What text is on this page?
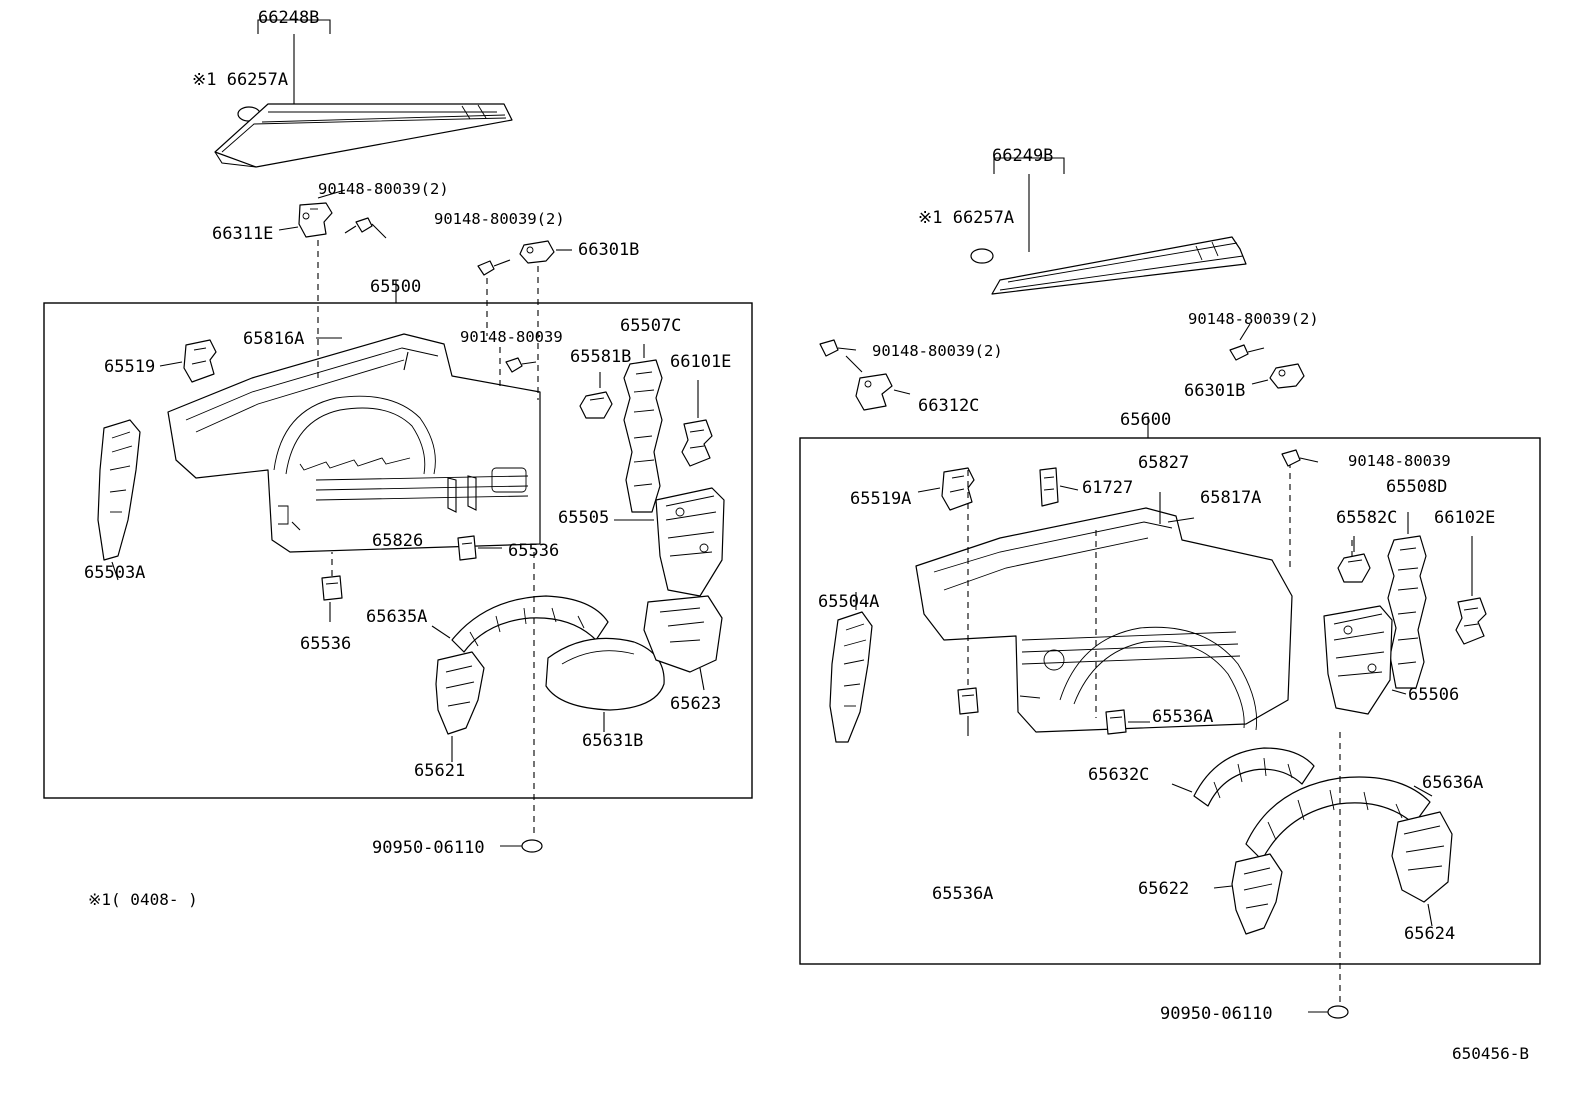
66248B
※1 66257A
90148-80039(2)
66311E
90148-80039(2)
66301B
65500
65816A
65519
90148-80039
65507C
65581B 66101E
65503A
65826	65536
65536
65505
65635A
65623
65631B
65621
90950-06110
※1( 0408- )
66249B
※1 66257A
90148-80039(2)
66312C
90148-80039(2)
66301B
65600
65827
61727	65817A
65519A
90148-80039
65508D
65582C 66102E
65504A
65536A
65536A
65506
65632C	65636A
65622
65624
90950-06110
650456-B
